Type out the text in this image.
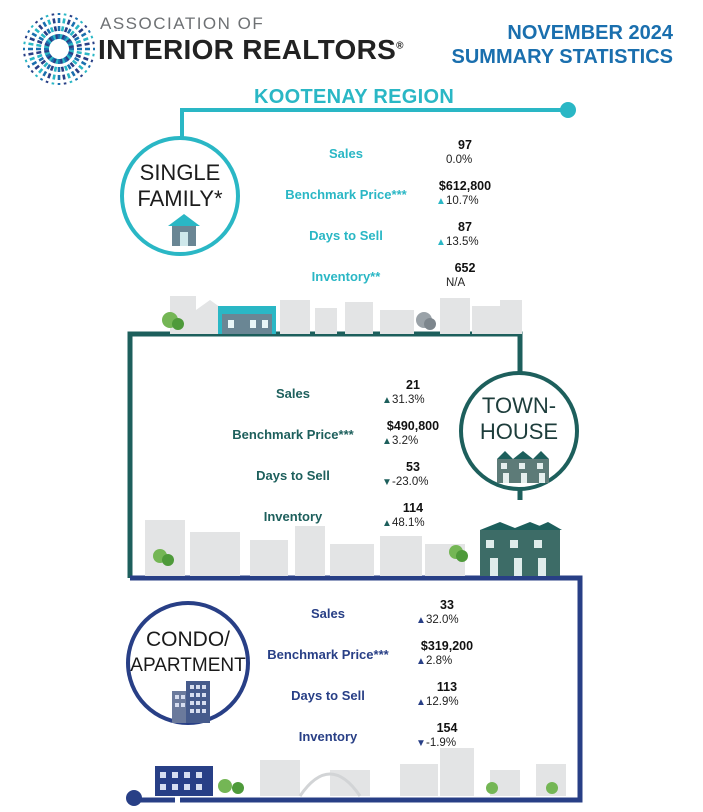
ASSOCIATION OF
INTERIOR REALTORS®
NOVEMBER 2024
SUMMARY STATISTICS
KOOTENAY REGION
SINGLE
FAMILY*
Sales
97
0.0%
Benchmark Price***
$612,800
▲10.7%
Days to Sell
87
▲13.5%
Inventory**
652
N/A
TOWN-
HOUSE
Sales
21
▲31.3%
Benchmark Price***
$490,800
▲3.2%
Days to Sell
53
▼-23.0%
Inventory
114
▲48.1%
CONDO/
APARTMENT
Sales
33
▲32.0%
Benchmark Price***
$319,200
▲2.8%
Days to Sell
113
▲12.9%
Inventory
154
▼-1.9%
